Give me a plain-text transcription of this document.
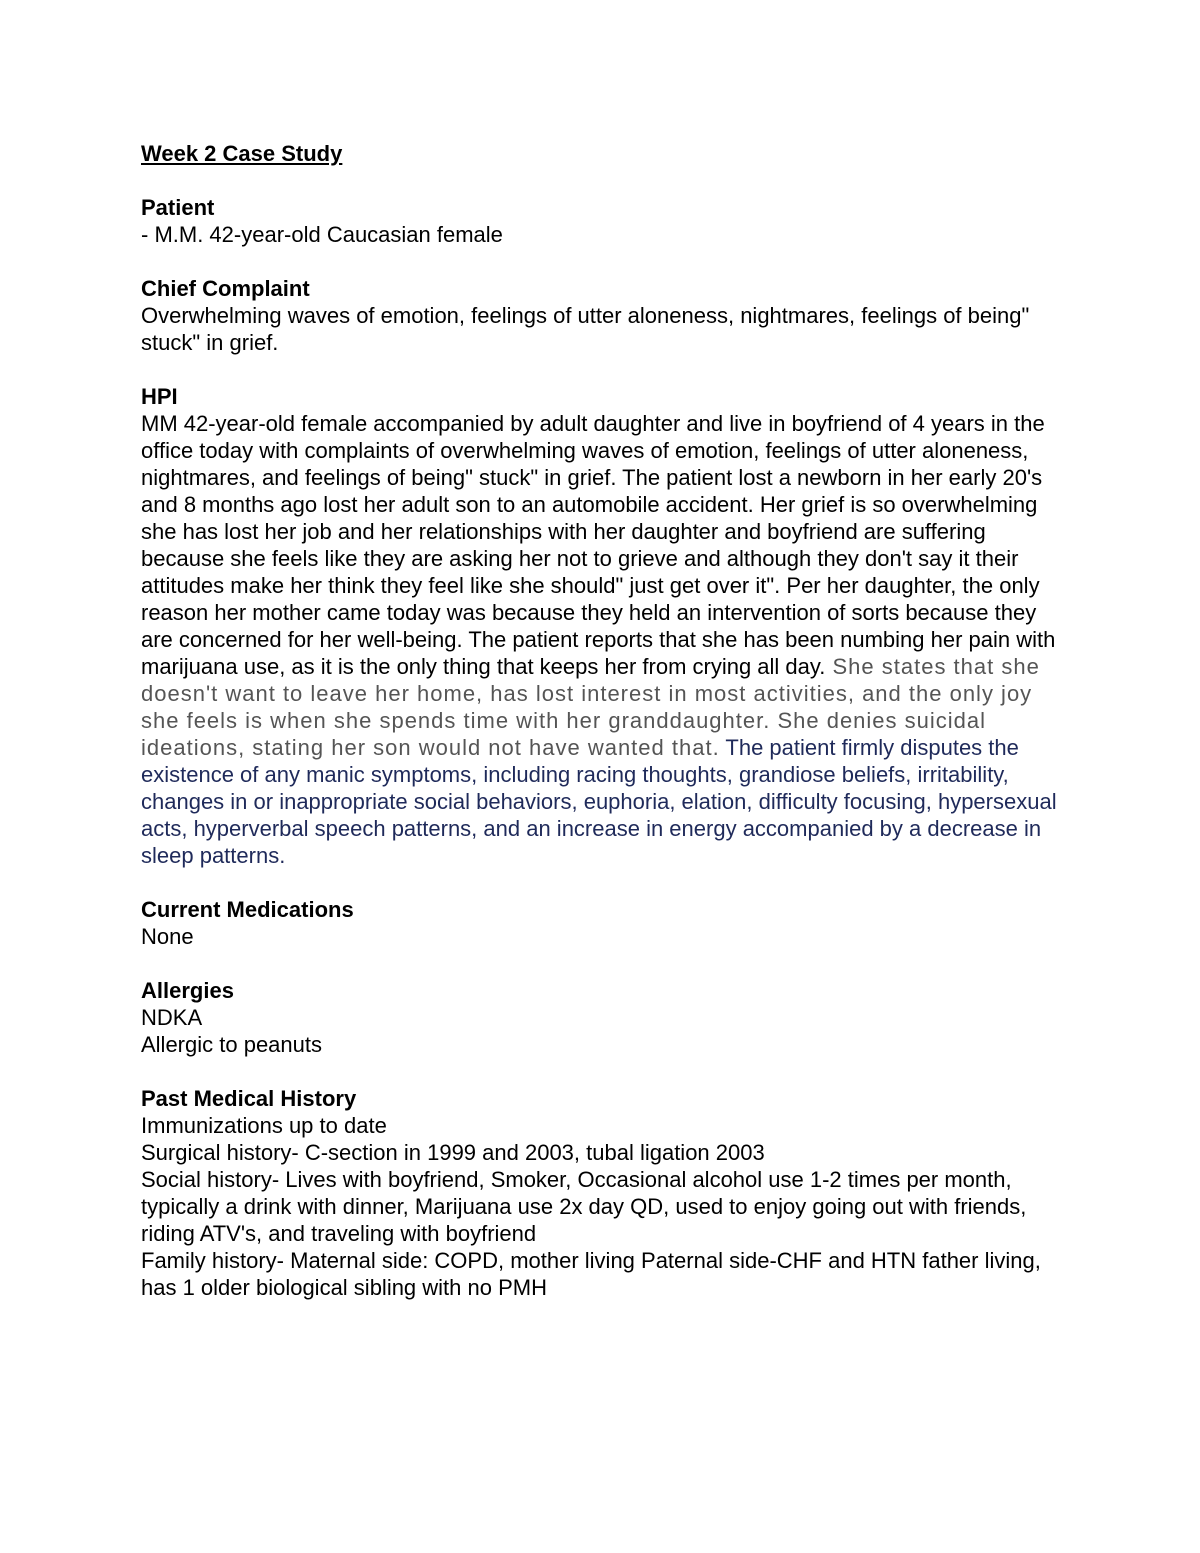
Week 2 Case Study
Patient
- M.M. 42-year-old Caucasian female
Chief Complaint
Overwhelming waves of emotion, feelings of utter aloneness, nightmares, feelings of being" stuck" in grief.
HPI
MM 42-year-old female accompanied by adult daughter and live in boyfriend of 4 years in the office today with complaints of overwhelming waves of emotion, feelings of utter aloneness, nightmares, and feelings of being" stuck" in grief. The patient lost a newborn in her early 20's and 8 months ago lost her adult son to an automobile accident. Her grief is so overwhelming she has lost her job and her relationships with her daughter and boyfriend are suffering because she feels like they are asking her not to grieve and although they don't say it their attitudes make her think they feel like she should" just get over it". Per her daughter, the only reason her mother came today was because they held an intervention of sorts because they are concerned for her well-being. The patient reports that she has been numbing her pain with marijuana use, as it is the only thing that keeps her from crying all day. She states that she doesn't want to leave her home, has lost interest in most activities, and the only joy she feels is when she spends time with her granddaughter. She denies suicidal ideations, stating her son would not have wanted that. The patient firmly disputes the existence of any manic symptoms, including racing thoughts, grandiose beliefs, irritability, changes in or inappropriate social behaviors, euphoria, elation, difficulty focusing, hypersexual acts, hyperverbal speech patterns, and an increase in energy accompanied by a decrease in sleep patterns.
Current Medications
None
Allergies
NDKA
Allergic to peanuts
Past Medical History
Immunizations up to date
Surgical history- C-section in 1999 and 2003, tubal ligation 2003
Social history- Lives with boyfriend, Smoker, Occasional alcohol use 1-2 times per month, typically a drink with dinner, Marijuana use 2x day QD, used to enjoy going out with friends, riding ATV's, and traveling with boyfriend
Family history- Maternal side: COPD, mother living Paternal side-CHF and HTN father living, has 1 older biological sibling with no PMH
